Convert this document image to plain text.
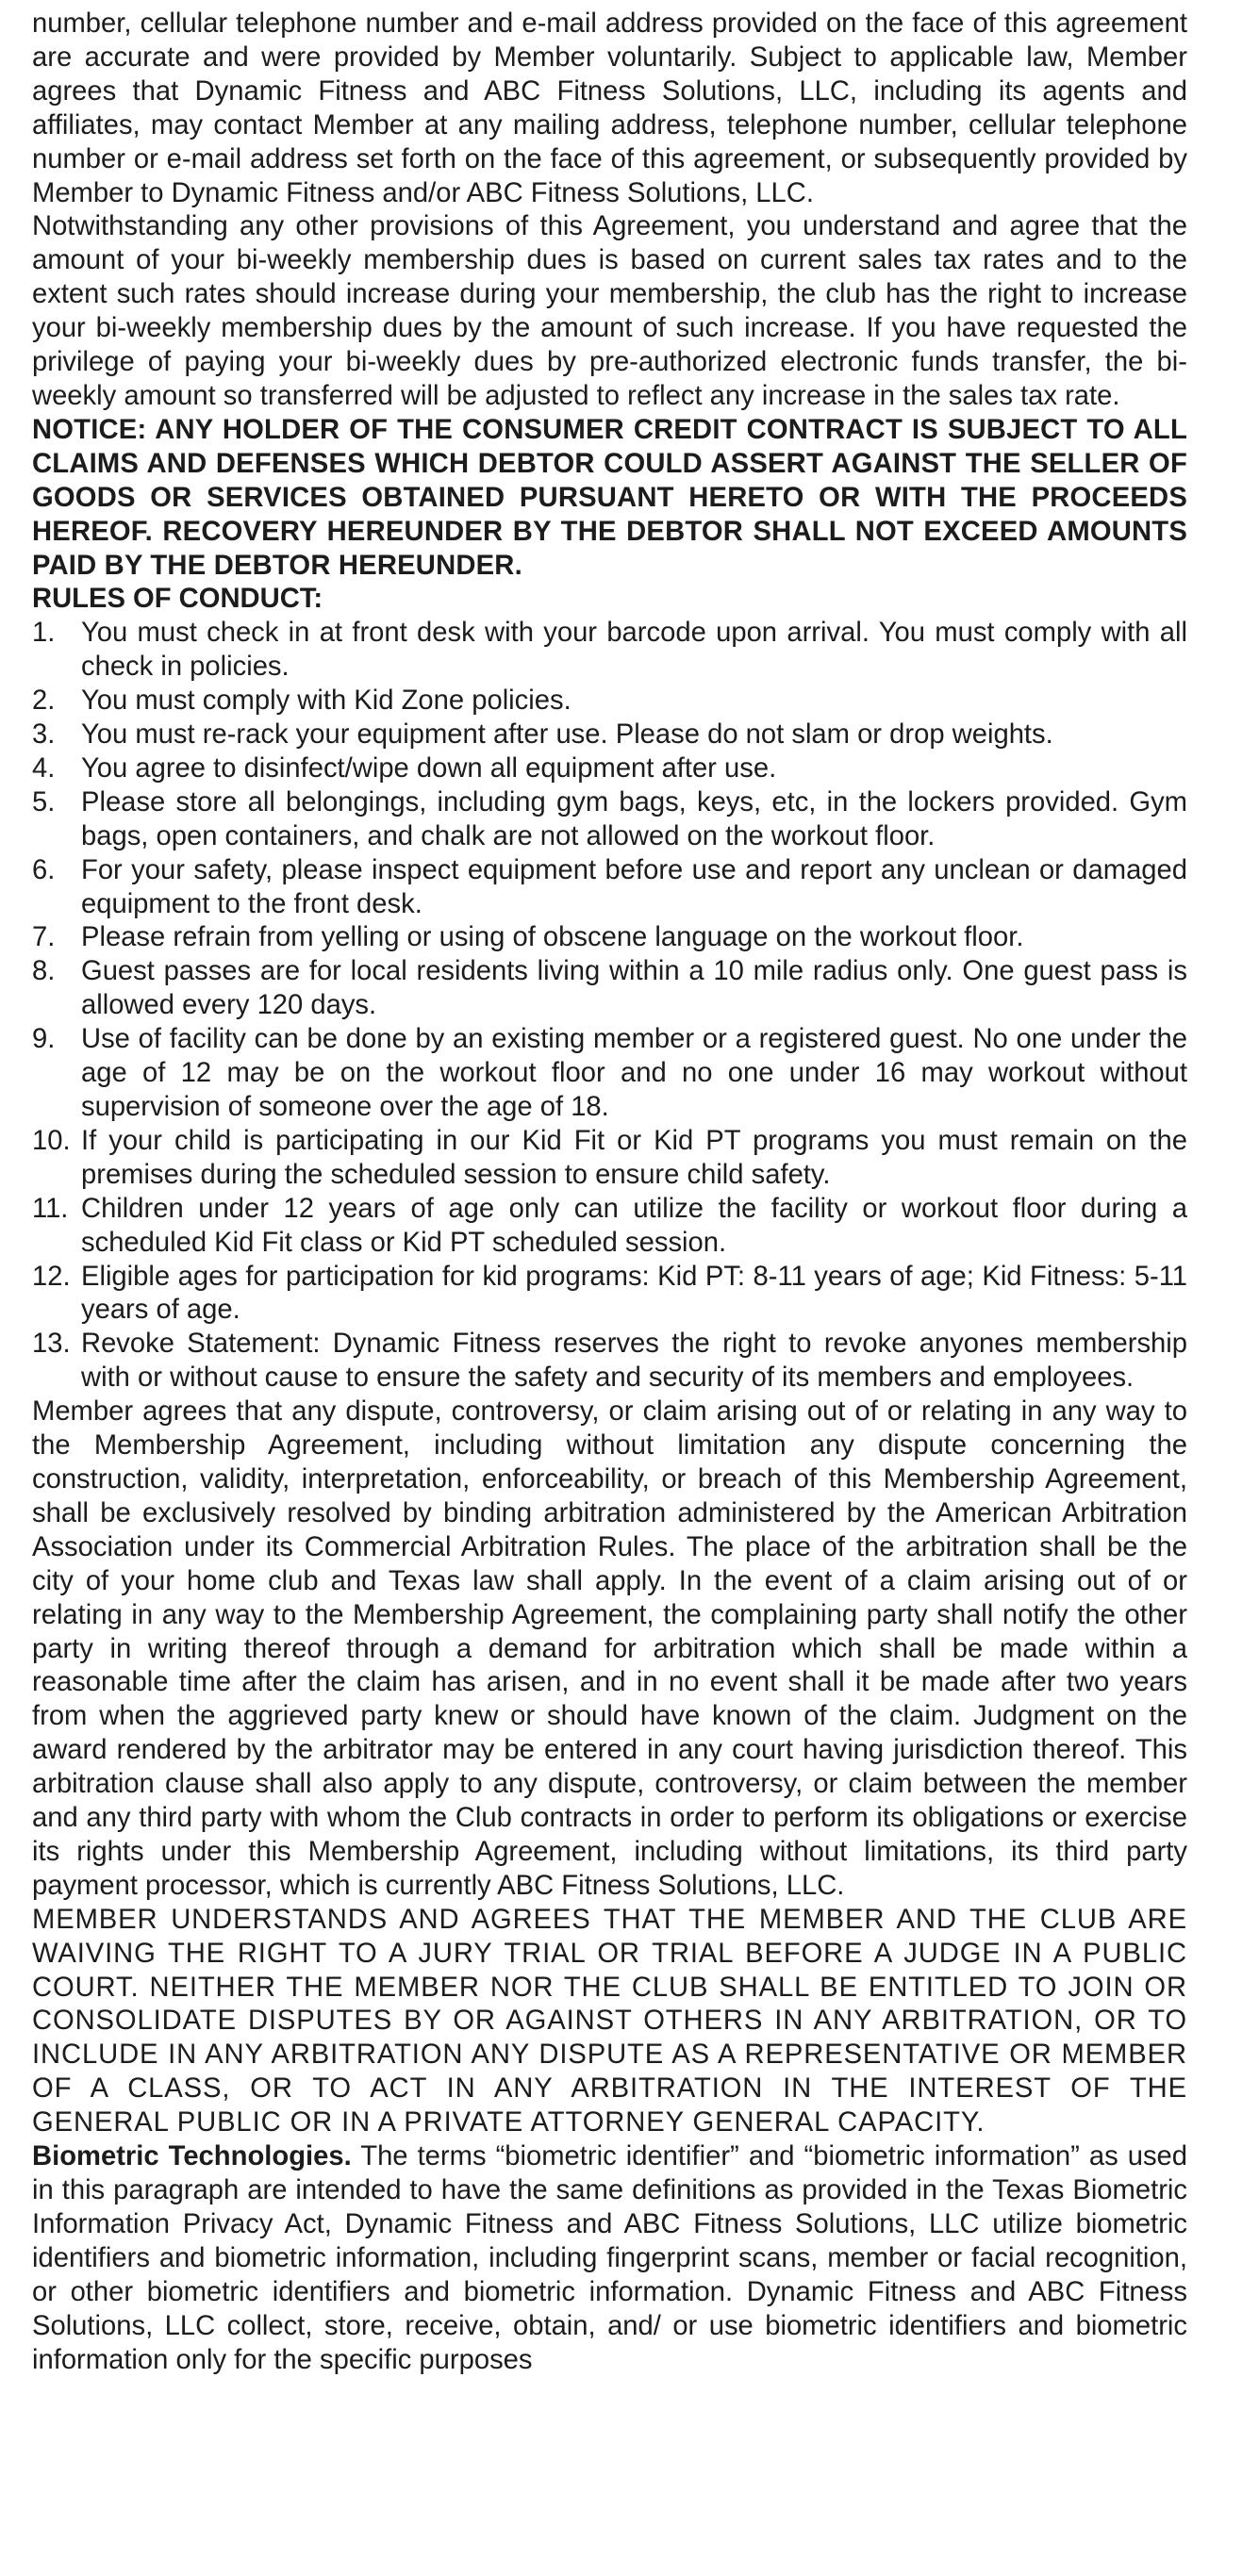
number, cellular telephone number and e-mail address provided on the face of this agreement are accurate and were provided by Member voluntarily. Subject to applicable law, Member agrees that Dynamic Fitness and ABC Fitness Solutions, LLC, including its agents and affiliates, may contact Member at any mailing address, telephone number, cellular telephone number or e-mail address set forth on the face of this agreement, or subsequently provided by Member to Dynamic Fitness and/or ABC Fitness Solutions, LLC.

Notwithstanding any other provisions of this Agreement, you understand and agree that the amount of your bi-weekly membership dues is based on current sales tax rates and to the extent such rates should increase during your membership, the club has the right to increase your bi-weekly membership dues by the amount of such increase. If you have requested the privilege of paying your bi-weekly dues by pre-authorized electronic funds transfer, the bi-weekly amount so transferred will be adjusted to reflect any increase in the sales tax rate.

NOTICE: ANY HOLDER OF THE CONSUMER CREDIT CONTRACT IS SUBJECT TO ALL CLAIMS AND DEFENSES WHICH DEBTOR COULD ASSERT AGAINST THE SELLER OF GOODS OR SERVICES OBTAINED PURSUANT HERETO OR WITH THE PROCEEDS HEREOF. RECOVERY HEREUNDER BY THE DEBTOR SHALL NOT EXCEED AMOUNTS PAID BY THE DEBTOR HEREUNDER.

RULES OF CONDUCT:

1. You must check in at front desk with your barcode upon arrival. You must comply with all check in policies.
2. You must comply with Kid Zone policies.
3. You must re-rack your equipment after use. Please do not slam or drop weights.
4. You agree to disinfect/wipe down all equipment after use.
5. Please store all belongings, including gym bags, keys, etc, in the lockers provided. Gym bags, open containers, and chalk are not allowed on the workout floor.
6. For your safety, please inspect equipment before use and report any unclean or damaged equipment to the front desk.
7. Please refrain from yelling or using of obscene language on the workout floor.
8. Guest passes are for local residents living within a 10 mile radius only. One guest pass is allowed every 120 days.
9. Use of facility can be done by an existing member or a registered guest. No one under the age of 12 may be on the workout floor and no one under 16 may workout without supervision of someone over the age of 18.
10. If your child is participating in our Kid Fit or Kid PT programs you must remain on the premises during the scheduled session to ensure child safety.
11. Children under 12 years of age only can utilize the facility or workout floor during a scheduled Kid Fit class or Kid PT scheduled session.
12. Eligible ages for participation for kid programs: Kid PT: 8-11 years of age; Kid Fitness: 5-11 years of age.
13. Revoke Statement: Dynamic Fitness reserves the right to revoke anyones membership with or without cause to ensure the safety and security of its members and employees.

Member agrees that any dispute, controversy, or claim arising out of or relating in any way to the Membership Agreement, including without limitation any dispute concerning the construction, validity, interpretation, enforceability, or breach of this Membership Agreement, shall be exclusively resolved by binding arbitration administered by the American Arbitration Association under its Commercial Arbitration Rules. The place of the arbitration shall be the city of your home club and Texas law shall apply. In the event of a claim arising out of or relating in any way to the Membership Agreement, the complaining party shall notify the other party in writing thereof through a demand for arbitration which shall be made within a reasonable time after the claim has arisen, and in no event shall it be made after two years from when the aggrieved party knew or should have known of the claim. Judgment on the award rendered by the arbitrator may be entered in any court having jurisdiction thereof. This arbitration clause shall also apply to any dispute, controversy, or claim between the member and any third party with whom the Club contracts in order to perform its obligations or exercise its rights under this Membership Agreement, including without limitations, its third party payment processor, which is currently ABC Fitness Solutions, LLC.

MEMBER UNDERSTANDS AND AGREES THAT THE MEMBER AND THE CLUB ARE WAIVING THE RIGHT TO A JURY TRIAL OR TRIAL BEFORE A JUDGE IN A PUBLIC COURT. NEITHER THE MEMBER NOR THE CLUB SHALL BE ENTITLED TO JOIN OR CONSOLIDATE DISPUTES BY OR AGAINST OTHERS IN ANY ARBITRATION, OR TO INCLUDE IN ANY ARBITRATION ANY DISPUTE AS A REPRESENTATIVE OR MEMBER OF A CLASS, OR TO ACT IN ANY ARBITRATION IN THE INTEREST OF THE GENERAL PUBLIC OR IN A PRIVATE ATTORNEY GENERAL CAPACITY.

Biometric Technologies. The terms “biometric identifier” and “biometric information” as used in this paragraph are intended to have the same definitions as provided in the Texas Biometric Information Privacy Act, Dynamic Fitness and ABC Fitness Solutions, LLC utilize biometric identifiers and biometric information, including fingerprint scans, member or facial recognition, or other biometric identifiers and biometric information. Dynamic Fitness and ABC Fitness Solutions, LLC collect, store, receive, obtain, and/ or use biometric identifiers and biometric information only for the specific purposes
